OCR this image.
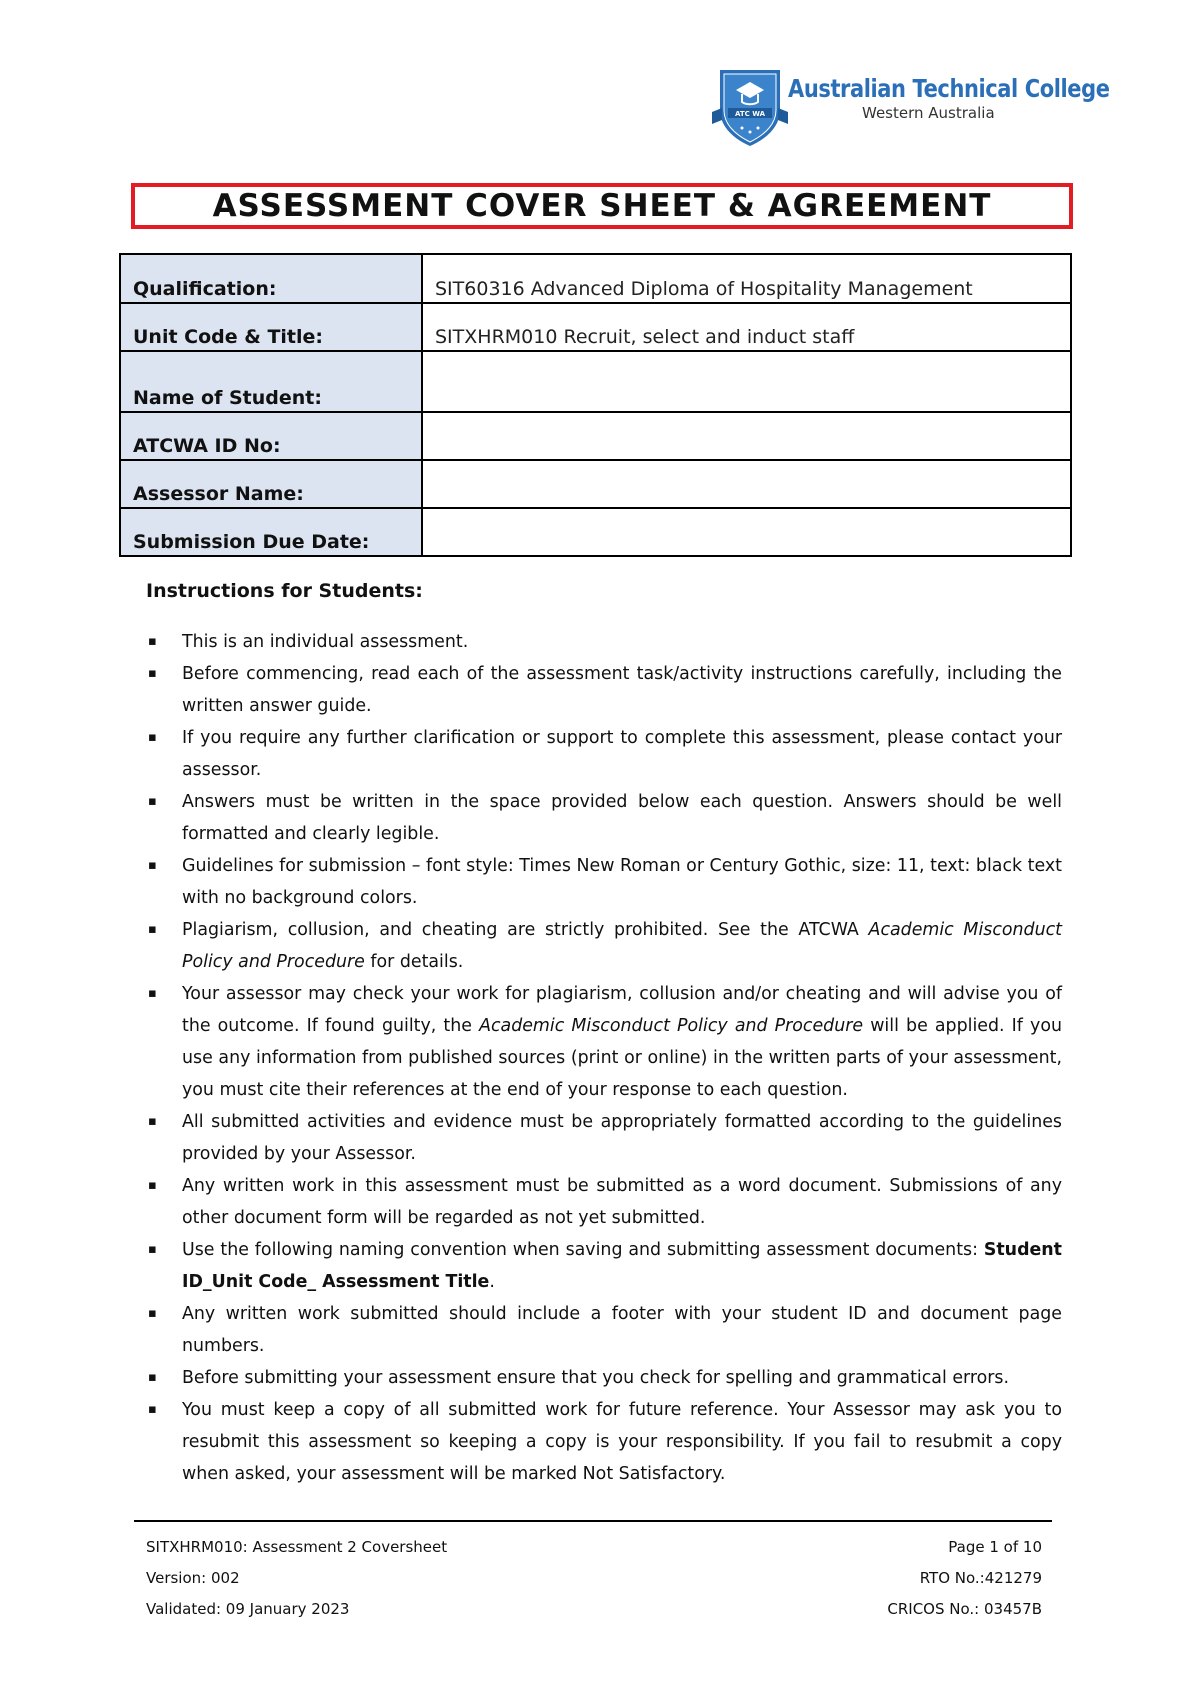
ATC WA
Australian Technical College
Western Australia
ASSESSMENT COVER SHEET & AGREEMENT
Qualification:	SIT60316 Advanced Diploma of Hospitality Management
Unit Code & Title:	SITXHRM010 Recruit, select and induct staff
Name of Student:	
ATCWA ID No:	
Assessor Name:	
Submission Due Date:	
Instructions for Students:
▪ This is an individual assessment.
▪ Before commencing, read each of the assessment task/activity instructions carefully, including the written answer guide.
▪ If you require any further clarification or support to complete this assessment, please contact your assessor.
▪ Answers must be written in the space provided below each question. Answers should be well formatted and clearly legible.
▪ Guidelines for submission – font style: Times New Roman or Century Gothic, size: 11, text: black text with no background colors.
▪ Plagiarism, collusion, and cheating are strictly prohibited. See the ATCWA Academic Misconduct Policy and Procedure for details.
▪ Your assessor may check your work for plagiarism, collusion and/or cheating and will advise you of the outcome. If found guilty, the Academic Misconduct Policy and Procedure will be applied. If you use any information from published sources (print or online) in the written parts of your assessment, you must cite their references at the end of your response to each question.
▪ All submitted activities and evidence must be appropriately formatted according to the guidelines provided by your Assessor.
▪ Any written work in this assessment must be submitted as a word document. Submissions of any other document form will be regarded as not yet submitted.
▪ Use the following naming convention when saving and submitting assessment documents: Student ID_Unit Code_ Assessment Title.
▪ Any written work submitted should include a footer with your student ID and document page numbers.
▪ Before submitting your assessment ensure that you check for spelling and grammatical errors.
▪ You must keep a copy of all submitted work for future reference. Your Assessor may ask you to resubmit this assessment so keeping a copy is your responsibility. If you fail to resubmit a copy when asked, your assessment will be marked Not Satisfactory.
SITXHRM010: Assessment 2 Coversheet
Version: 002
Validated: 09 January 2023
Page 1 of 10
RTO No.:421279
CRICOS No.: 03457B
